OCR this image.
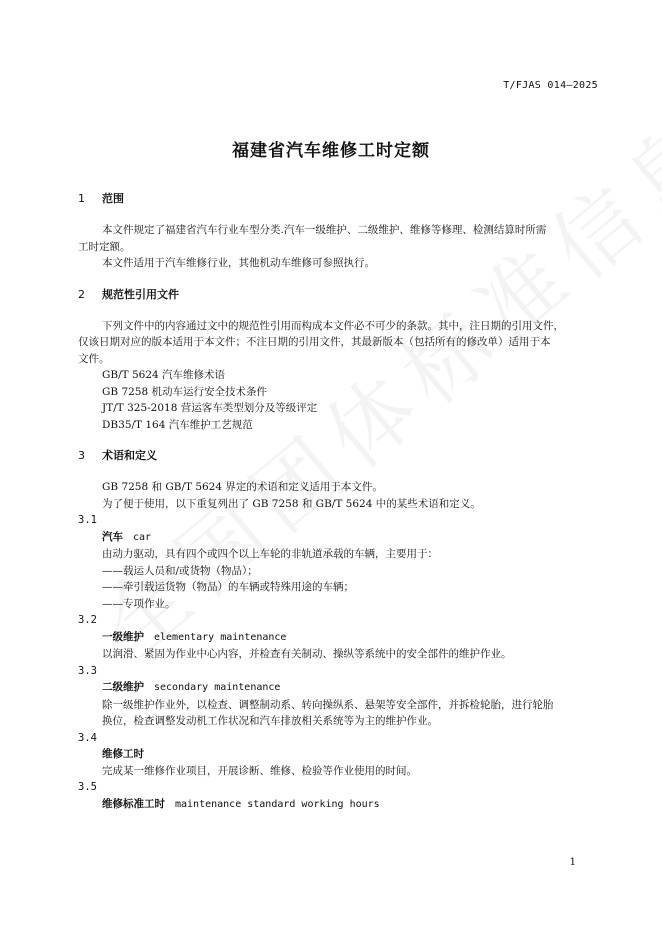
T/FJAS 014—2025
福建省汽车维修工时定额

1 范围

本文件规定了福建省汽车行业车型分类.汽车一级维护、二级维护、维修等修理、检测结算时所需

工时定额。

本文件适用于汽车维修行业，其他机动车维修可参照执行。

2 规范性引用文件

下列文件中的内容通过文中的规范性引用而构成本文件必不可少的条款。其中，注日期的引用文件，

仅该日期对应的版本适用于本文件；不注日期的引用文件，其最新版本（包括所有的修改单）适用于本

文件。

GB/T 5624 汽车维修术语

GB 7258 机动车运行安全技术条件

JT/T 325-2018 营运客车类型划分及等级评定

DB35/T 164 汽车维护工艺规范

3 术语和定义

GB 7258 和 GB/T 5624 界定的术语和定义适用于本文件。

为了便于使用，以下重复列出了 GB 7258 和 GB/T 5624 中的某些术语和定义。

3.1

汽车 car

由动力驱动，具有四个或四个以上车轮的非轨道承载的车辆，主要用于：

——载运人员和/或货物（物品）；

——牵引载运货物（物品）的车辆或特殊用途的车辆；

——专项作业。

3.2

一级维护 elementary maintenance

以润滑、紧固为作业中心内容，并检查有关制动、操纵等系统中的安全部件的维护作业。

3.3

二级维护 secondary maintenance

除一级维护作业外，以检查、调整制动系、转向操纵系、悬架等安全部件，并拆检轮胎，进行轮胎

换位，检查调整发动机工作状况和汽车排放相关系统等为主的维护作业。

3.4

维修工时

完成某一维修作业项目，开展诊断、维修、检验等作业使用的时间。

3.5

维修标准工时 maintenance standard working hours

1
